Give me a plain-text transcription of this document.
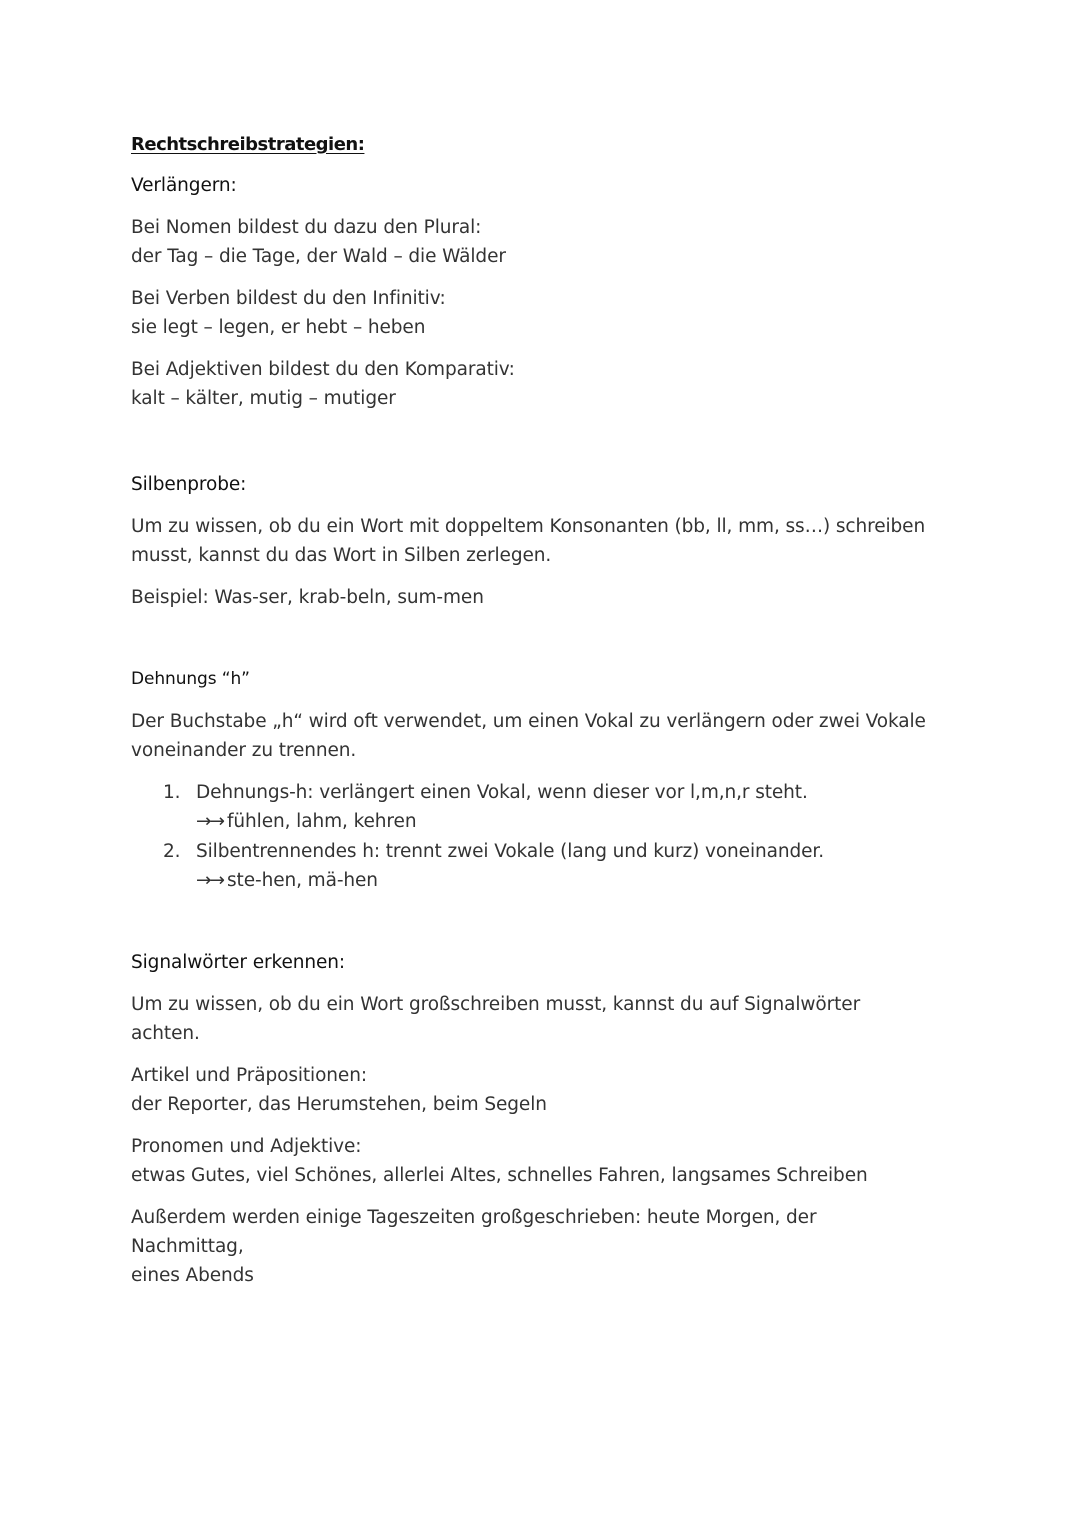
Rechtschreibstrategien:

Verlängern:

Bei Nomen bildest du dazu den Plural:
der Tag – die Tage, der Wald – die Wälder
Bei Verben bildest du den Infinitiv:
sie legt – legen, er hebt – heben
Bei Adjektiven bildest du den Komparativ:
kalt – kälter, mutig – mutiger

Silbenprobe:

Um zu wissen, ob du ein Wort mit doppeltem Konsonanten (bb, ll, mm, ss…) schreiben
musst, kannst du das Wort in Silben zerlegen.

Beispiel: Was-ser, krab-beln, sum-men

Dehnungs “h”

Der Buchstabe „h“ wird oft verwendet, um einen Vokal zu verlängern oder zwei Vokale
voneinander zu trennen.
1. Dehnungs-h: verlängert einen Vokal, wenn dieser vor l,m,n,r steht.
→→ fühlen, lahm, kehren
2. Silbentrennendes h: trennt zwei Vokale (lang und kurz) voneinander.
→→ ste-hen, mä-hen

Signalwörter erkennen:

Um zu wissen, ob du ein Wort großschreiben musst, kannst du auf Signalwörter achten.

Artikel und Präpositionen:
der Reporter, das Herumstehen, beim Segeln
Pronomen und Adjektive:
etwas Gutes, viel Schönes, allerlei Altes, schnelles Fahren, langsames Schreiben
Außerdem werden einige Tageszeiten großgeschrieben: heute Morgen, der Nachmittag,
eines Abends
